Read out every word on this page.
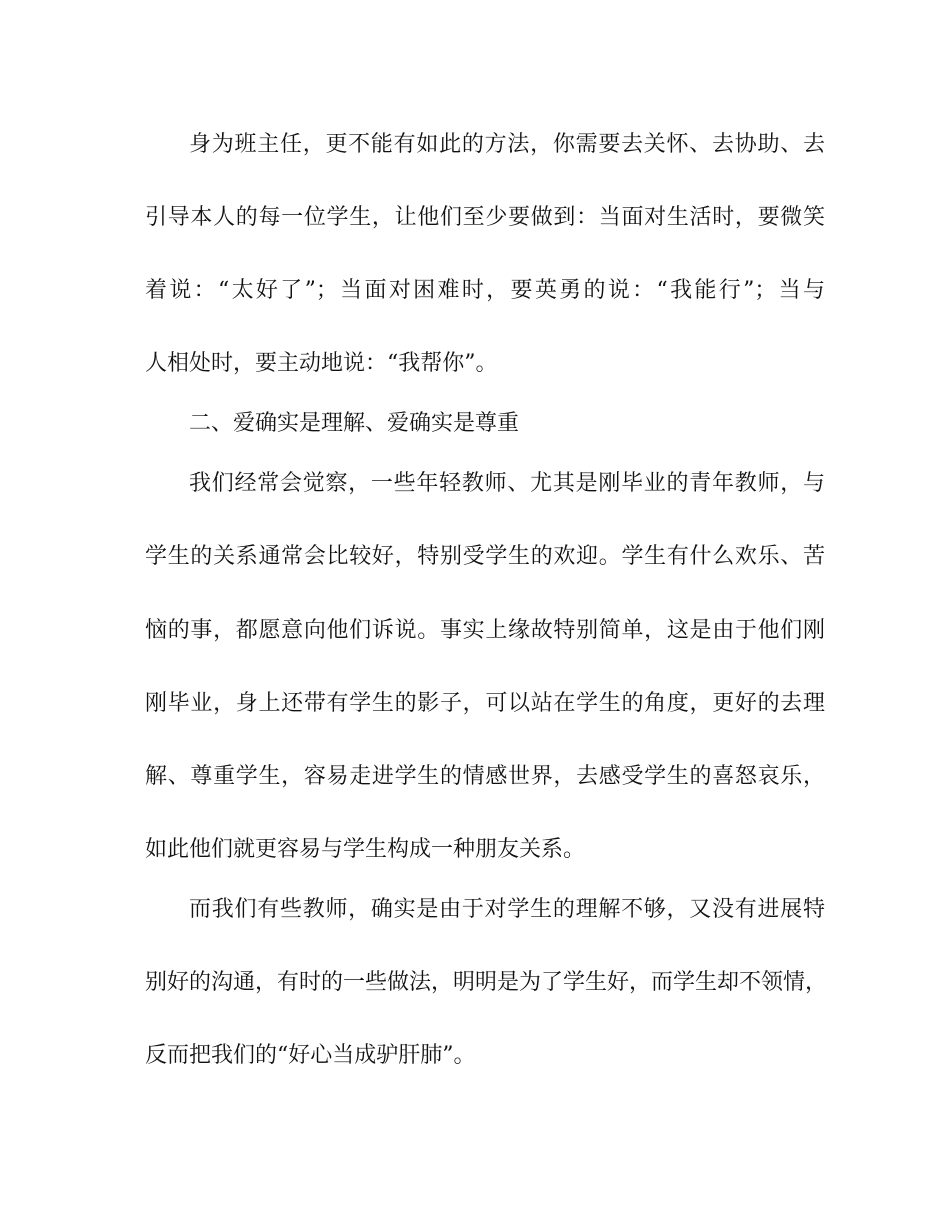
身为班主任，更不能有如此的方法，你需要去关怀、去协助、去
引导本人的每一位学生，让他们至少要做到：当面对生活时，要微笑
着说：“太好了”；当面对困难时，要英勇的说：“我能行”；当与
人相处时，要主动地说：“我帮你”。
二、爱确实是理解、爱确实是尊重
我们经常会觉察，一些年轻教师、尤其是刚毕业的青年教师，与
学生的关系通常会比较好，特别受学生的欢迎。学生有什么欢乐、苦
恼的事，都愿意向他们诉说。事实上缘故特别简单，这是由于他们刚
刚毕业，身上还带有学生的影子，可以站在学生的角度，更好的去理
解、尊重学生，容易走进学生的情感世界，去感受学生的喜怒哀乐，
如此他们就更容易与学生构成一种朋友关系。
而我们有些教师，确实是由于对学生的理解不够，又没有进展特
别好的沟通，有时的一些做法，明明是为了学生好，而学生却不领情，
反而把我们的“好心当成驴肝肺”。
